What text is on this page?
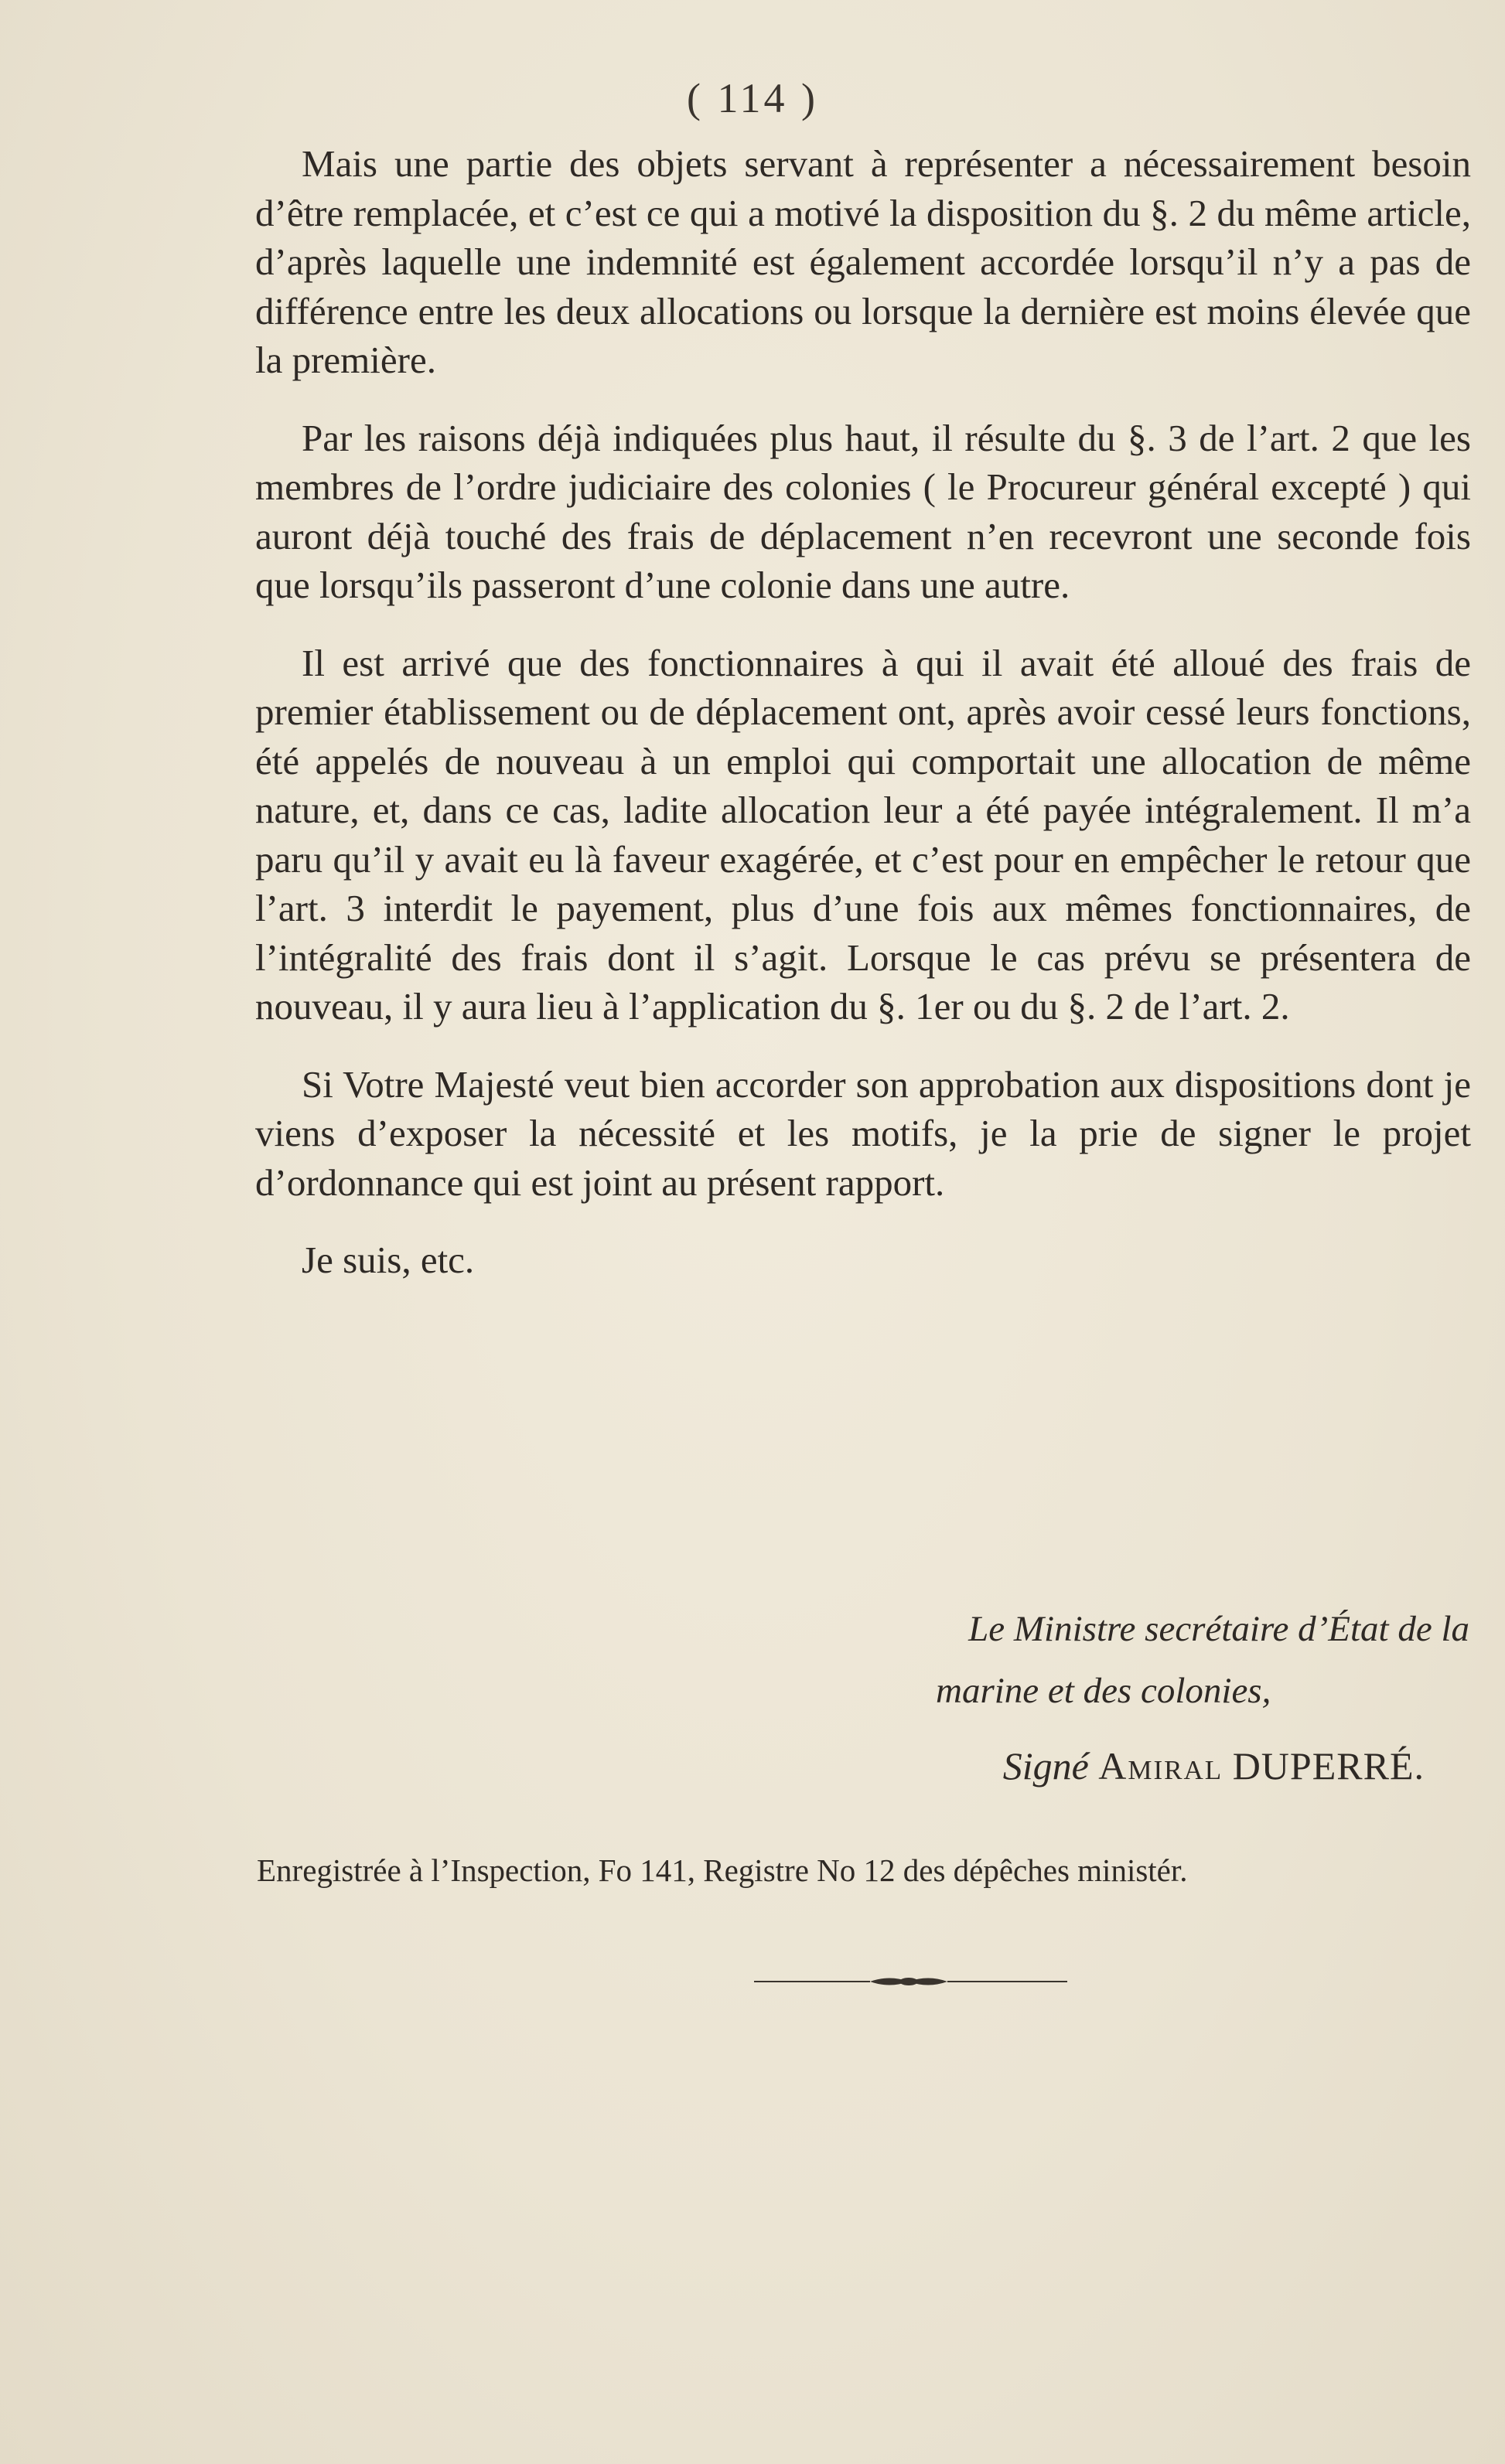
( 114 )

Mais une partie des objets servant à représenter a nécessairement besoin d’être remplacée, et c’est ce qui a motivé la disposition du §. 2 du même article, d’après laquelle une indemnité est également accordée lorsqu’il n’y a pas de différence entre les deux allocations ou lorsque la dernière est moins élevée que la première.

Par les raisons déjà indiquées plus haut, il résulte du §. 3 de l’art. 2 que les membres de l’ordre judiciaire des colonies ( le Procureur général excepté ) qui auront déjà touché des frais de déplacement n’en recevront une seconde fois que lorsqu’ils passeront d’une colonie dans une autre.

Il est arrivé que des fonctionnaires à qui il avait été alloué des frais de premier établissement ou de déplacement ont, après avoir cessé leurs fonctions, été appelés de nouveau à un emploi qui comportait une allocation de même nature, et, dans ce cas, ladite allocation leur a été payée intégralement. Il m’a paru qu’il y avait eu là faveur exagérée, et c’est pour en empêcher le retour que l’art. 3 interdit le payement, plus d’une fois aux mêmes fonctionnaires, de l’intégralité des frais dont il s’agit. Lorsque le cas prévu se présentera de nouveau, il y aura lieu à l’application du §. 1er ou du §. 2 de l’art. 2.

Si Votre Majesté veut bien accorder son approbation aux dispositions dont je viens d’exposer la nécessité et les motifs, je la prie de signer le projet d’ordonnance qui est joint au présent rapport.

Je suis, etc.

Le Ministre secrétaire d’État de la
marine et des colonies,
Signé Amiral DUPERRÉ.
Enregistrée à l’Inspection, Fo 141, Registre No 12 des dépêches ministér.
